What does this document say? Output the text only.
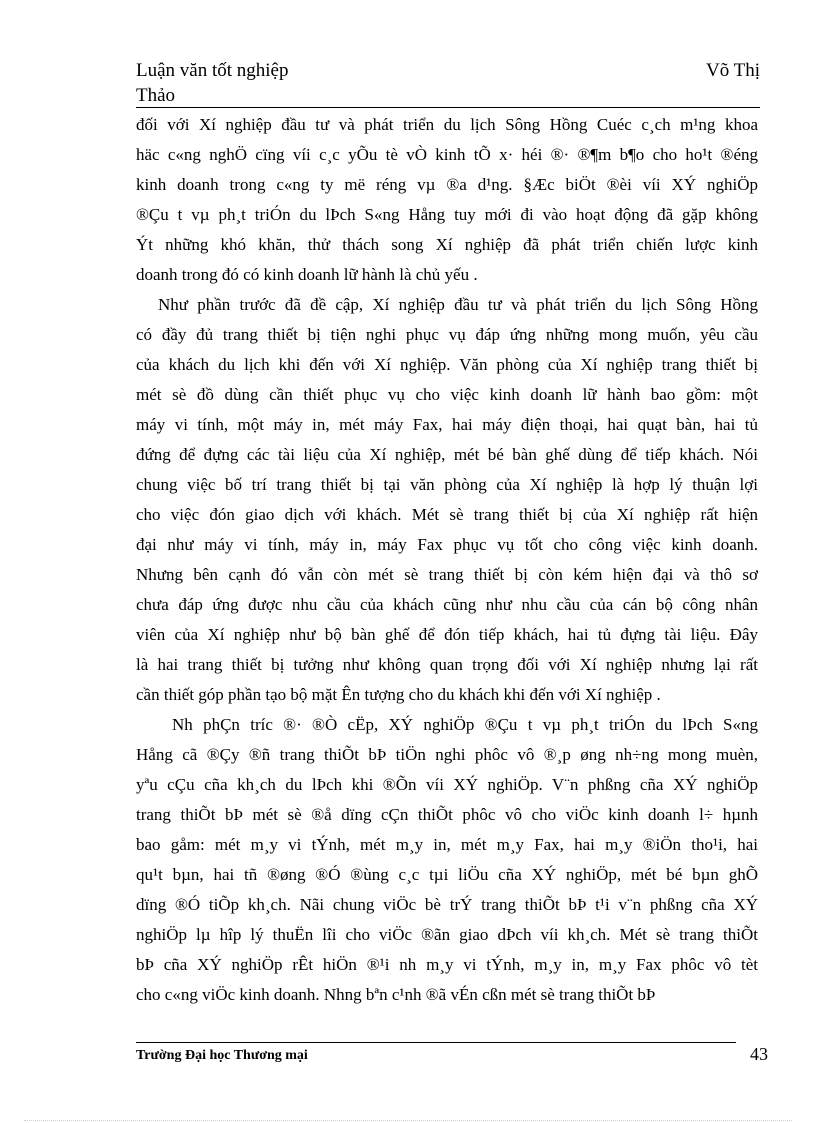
Luận văn tốt nghiệp
Thảo
Võ Thị
đối với Xí nghiệp đầu tư và phát triển du lịch Sông Hồng Cuéc c¸ch m¹ng khoa
häc c«ng nghÖ cïng víi c¸c yÕu tè vÒ kinh tÕ x· héi ®· ®¶m b¶o cho ho¹t ®éng
kinh doanh trong c«ng ty më réng vµ ®a d¹ng. §Æc biÖt ®èi víi XÝ nghiÖp
®Çu t vµ ph¸t triÓn du lÞch S«ng Hång tuy mới đi vào hoạt động đã gặp không
Ýt những khó khăn, thử thách song Xí nghiệp đã phát triển chiến lược kinh
doanh trong đó có kinh doanh lữ hành là chủ yếu .
Như phần trước đã đề cập, Xí nghiệp đầu tư và phát triển du lịch Sông Hồng
có đầy đủ trang thiết bị tiện nghi phục vụ đáp ứng những mong muốn, yêu cầu
của khách du lịch khi đến với Xí nghiệp. Văn phòng của Xí nghiệp trang thiết bị
mét sè đồ dùng cần thiết phục vụ cho việc kinh doanh lữ hành bao gồm: một
máy vi tính, một máy in, mét máy Fax, hai máy điện thoại, hai quạt bàn, hai tủ
đứng để đựng các tài liệu của Xí nghiệp, mét bé bàn ghế dùng để tiếp khách. Nói
chung việc bố trí trang thiết bị tại văn phòng của Xí nghiệp là hợp lý thuận lợi
cho việc đón giao dịch với khách. Mét sè trang thiết bị của Xí nghiệp rất hiện
đại như máy vi tính, máy in, máy Fax phục vụ tốt cho công việc kinh doanh.
Nhưng bên cạnh đó vẫn còn mét sè trang thiết bị còn kém hiện đại và thô sơ
chưa đáp ứng được nhu cầu của khách cũng như nhu cầu của cán bộ công nhân
viên của Xí nghiệp như bộ bàn ghế để đón tiếp khách, hai tủ đựng tài liệu. Đây
là hai trang thiết bị tưởng như không quan trọng đối với Xí nghiệp nhưng lại rất
cần thiết góp phần tạo bộ mặt Ên tượng cho du khách khi đến với Xí nghiệp .
Nh phÇn tríc ®· ®Ò cËp, XÝ nghiÖp ®Çu t vµ ph¸t triÓn du lÞch S«ng
Hång cã ®Çy ®ñ trang thiÕt bÞ tiÖn nghi phôc vô ®¸p øng nh÷ng mong muèn,
yªu cÇu cña kh¸ch du lÞch khi ®Õn víi XÝ nghiÖp. V¨n phßng cña XÝ nghiÖp
trang thiÕt bÞ mét sè ®å dïng cÇn thiÕt phôc vô cho viÖc kinh doanh l÷ hµnh
bao gåm: mét m¸y vi tÝnh, mét m¸y in, mét m¸y Fax, hai m¸y ®iÖn tho¹i, hai
qu¹t bµn, hai tñ ®øng ®Ó ®ùng c¸c tµi liÖu cña XÝ nghiÖp, mét bé bµn ghÕ
dïng ®Ó tiÕp kh¸ch. Nãi chung viÖc bè trÝ trang thiÕt bÞ t¹i v¨n phßng cña XÝ
nghiÖp lµ hîp lý thuËn lîi cho viÖc ®ãn giao dÞch víi kh¸ch. Mét sè trang thiÕt
bÞ cña XÝ nghiÖp rÊt hiÖn ®¹i nh m¸y vi tÝnh, m¸y in, m¸y Fax phôc vô tèt
cho c«ng viÖc kinh doanh. Nhng bªn c¹nh ®ã vÉn cßn mét sè trang thiÕt bÞ
Trường Đại học Thương mại	43
